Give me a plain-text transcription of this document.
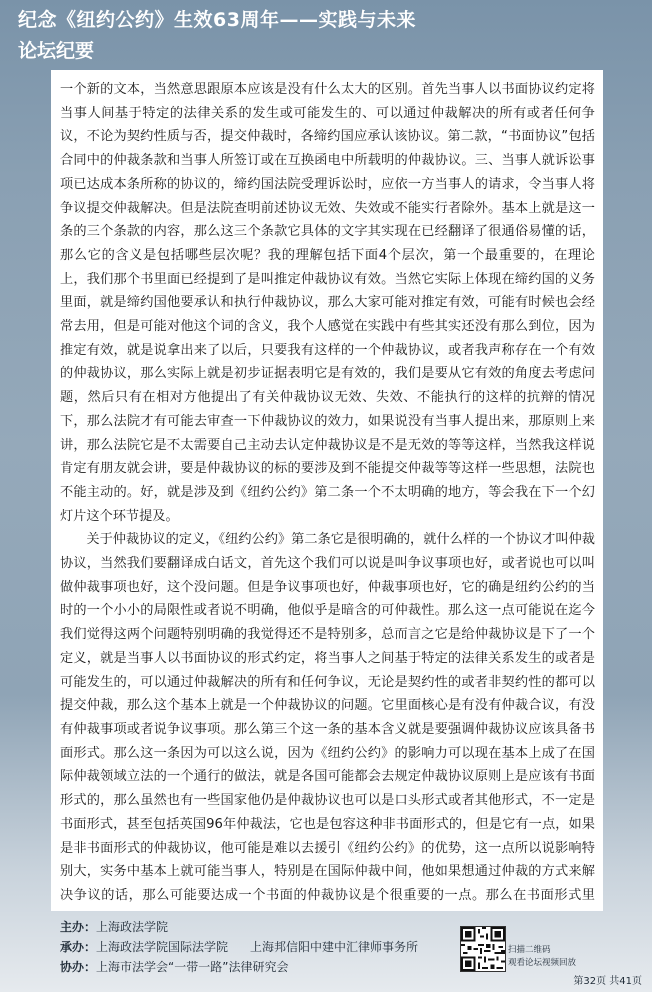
纪念《纽约公约》生效63周年——实践与未来
论坛纪要

一个新的文本，当然意思跟原本应该是没有什么太大的区别。首先当事人以书面协议约定将当事人间基于特定的法律关系的发生或可能发生的、可以通过仲裁解决的所有或者任何争议，不论为契约性质与否，提交仲裁时，各缔约国应承认该协议。第二款，“书面协议”包括合同中的仲裁条款和当事人所签订或在互换函电中所载明的仲裁协议。三、当事人就诉讼事项已达成本条所称的协议的，缔约国法院受理诉讼时，应依一方当事人的请求，令当事人将争议提交仲裁解决。但是法院查明前述协议无效、失效或不能实行者除外。基本上就是这一条的三个条款的内容，那么这三个条款它具体的文字其实现在已经翻译了很通俗易懂的话，那么它的含义是包括哪些层次呢？我的理解包括下面4个层次，第一个最重要的，在理论上，我们那个书里面已经提到了是叫推定仲裁协议有效。当然它实际上体现在缔约国的义务里面，就是缔约国他要承认和执行仲裁协议，那么大家可能对推定有效，可能有时候也会经常去用，但是可能对他这个词的含义，我个人感觉在实践中有些其实还没有那么到位，因为推定有效，就是说拿出来了以后，只要我有这样的一个仲裁协议，或者我声称存在一个有效的仲裁协议，那么实际上就是初步证据表明它是有效的，我们是要从它有效的角度去考虑问题，然后只有在相对方他提出了有关仲裁协议无效、失效、不能执行的这样的抗辩的情况下，那么法院才有可能去审查一下仲裁协议的效力，如果说没有当事人提出来，那原则上来讲，那么法院它是不太需要自己主动去认定仲裁协议是不是无效的等等这样，当然我这样说肯定有朋友就会讲，要是仲裁协议的标的要涉及到不能提交仲裁等等这样一些思想，法院也不能主动的。好，就是涉及到《纽约公约》第二条一个不太明确的地方，等会我在下一个幻灯片这个环节提及。

关于仲裁协议的定义，《纽约公约》第二条它是很明确的，就什么样的一个协议才叫仲裁协议，当然我们要翻译成白话文，首先这个我们可以说是叫争议事项也好，或者说也可以叫做仲裁事项也好，这个没问题。但是争议事项也好，仲裁事项也好，它的确是纽约公约的当时的一个小小的局限性或者说不明确，他似乎是暗含的可仲裁性。那么这一点可能说在迄今我们觉得这两个问题特别明确的我觉得还不是特别多，总而言之它是给仲裁协议是下了一个定义，就是当事人以书面协议的形式约定，将当事人之间基于特定的法律关系发生的或者是可能发生的，可以通过仲裁解决的所有和任何争议，无论是契约性的或者非契约性的都可以提交仲裁，那么这个基本上就是一个仲裁协议的问题。它里面核心是有没有仲裁合议，有没有仲裁事项或者说争议事项。那么第三个这一条的基本含义就是要强调仲裁协议应该具备书面形式。那么这一条因为可以这么说，因为《纽约公约》的影响力可以现在基本上成了在国际仲裁领域立法的一个通行的做法，就是各国可能都会去规定仲裁协议原则上是应该有书面形式的，那么虽然也有一些国家他仍是仲裁协议也可以是口头形式或者其他形式，不一定是书面形式，甚至包括英国96年仲裁法，它也是包容这种非书面形式的，但是它有一点，如果是非书面形式的仲裁协议，他可能是难以去援引《纽约公约》的优势，这一点所以说影响特别大，实务中基本上就可能当事人，特别是在国际仲裁中间，他如果想通过仲裁的方式来解决争议的话，那么可能要达成一个书面的仲裁协议是个很重要的一点。那么在书面形式里

主办：上海政法学院
承办：上海政法学院国际法学院 上海邦信阳中建中汇律师事务所
协办：上海市法学会“一带一路”法律研究会
扫描二维码
观看论坛视频回放
第32页 共41页
